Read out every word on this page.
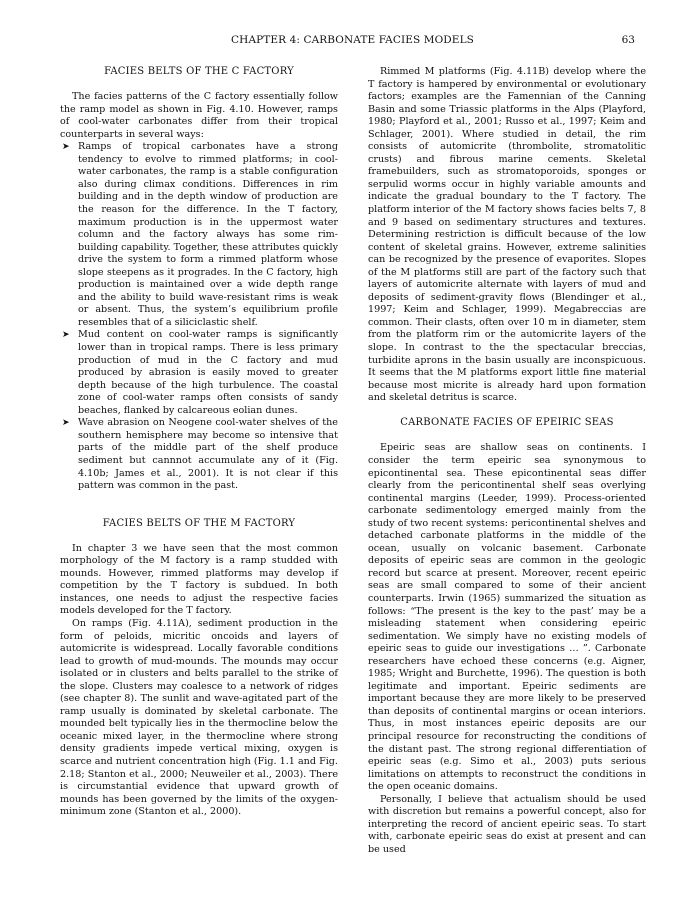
CHAPTER 4: CARBONATE FACIES MODELS	63
FACIES BELTS OF THE C FACTORY

The facies patterns of the C factory essentially follow the ramp model as shown in Fig. 4.10. However, ramps of cool-water carbonates differ from their tropical counterparts in several ways:

➤ Ramps of tropical carbonates have a strong tendency to evolve to rimmed platforms; in cool-water carbonates, the ramp is a stable configuration also during climax conditions. Differences in rim building and in the depth window of production are the reason for the difference. In the T factory, maximum production is in the uppermost water column and the factory always has some rim-building capability. Together, these attributes quickly drive the system to form a rimmed platform whose slope steepens as it progrades. In the C factory, high production is maintained over a wide depth range and the ability to build wave-resistant rims is weak or absent. Thus, the system’s equilibrium profile resembles that of a siliciclastic shelf.
➤ Mud content on cool-water ramps is significantly lower than in tropical ramps. There is less primary production of mud in the C factory and mud produced by abrasion is easily moved to greater depth because of the high turbulence. The coastal zone of cool-water ramps often consists of sandy beaches, flanked by calcareous eolian dunes.
➤ Wave abrasion on Neogene cool-water shelves of the southern hemisphere may become so intensive that parts of the middle part of the shelf produce sediment but cannnot accumulate any of it (Fig. 4.10b; James et al., 2001). It is not clear if this pattern was common in the past.
FACIES BELTS OF THE M FACTORY

In chapter 3 we have seen that the most common morphology of the M factory is a ramp studded with mounds. However, rimmed platforms may develop if competition by the T factory is subdued. In both instances, one needs to adjust the respective facies models developed for the T factory.

On ramps (Fig. 4.11A), sediment production in the form of peloids, micritic oncoids and layers of automicrite is widespread. Locally favorable conditions lead to growth of mud-mounds. The mounds may occur isolated or in clusters and belts parallel to the strike of the slope. Clusters may coalesce to a network of ridges (see chapter 8). The sunlit and wave-agitated part of the ramp usually is dominated by skeletal carbonate. The mounded belt typically lies in the thermocline below the oceanic mixed layer, in the thermocline where strong density gradients impede vertical mixing, oxygen is scarce and nutrient concentration high (Fig. 1.1 and Fig. 2.18; Stanton et al., 2000; Neuweiler et al., 2003). There is circumstantial evidence that upward growth of mounds has been governed by the limits of the oxygen-minimum zone (Stanton et al., 2000).

Rimmed M platforms (Fig. 4.11B) develop where the T factory is hampered by environmental or evolutionary factors; examples are the Famennian of the Canning Basin and some Triassic platforms in the Alps (Playford, 1980; Playford et al., 2001; Russo et al., 1997; Keim and Schlager, 2001). Where studied in detail, the rim consists of automicrite (thrombolite, stromatolitic crusts) and fibrous marine cements. Skeletal framebuilders, such as stromatoporoids, sponges or serpulid worms occur in highly variable amounts and indicate the gradual boundary to the T factory. The platform interior of the M factory shows facies belts 7, 8 and 9 based on sedimentary structures and textures. Determining restriction is difficult because of the low content of skeletal grains. However, extreme salinities can be recognized by the presence of evaporites. Slopes of the M platforms still are part of the factory such that layers of automicrite alternate with layers of mud and deposits of sediment-gravity flows (Blendinger et al., 1997; Keim and Schlager, 1999). Megabreccias are common. Their clasts, often over 10 m in diameter, stem from the platform rim or the automicrite layers of the slope. In contrast to the the spectacular breccias, turbidite aprons in the basin usually are inconspicuous. It seems that the M platforms export little fine material because most micrite is already hard upon formation and skeletal detritus is scarce.

CARBONATE FACIES OF EPEIRIC SEAS

Epeiric seas are shallow seas on continents. I consider the term epeiric sea synonymous to epicontinental sea. These epicontinental seas differ clearly from the pericontinental shelf seas overlying continental margins (Leeder, 1999). Process-oriented carbonate sedimentology emerged mainly from the study of two recent systems: pericontinental shelves and detached carbonate platforms in the middle of the ocean, usually on volcanic basement. Carbonate deposits of epeiric seas are common in the geologic record but scarce at present. Moreover, recent epeiric seas are small compared to some of their ancient counterparts. Irwin (1965) summarized the situation as follows: “The present is the key to the past’ may be a misleading statement when considering epeiric sedimentation. We simply have no existing models of epeiric seas to guide our investigations … ”. Carbonate researchers have echoed these concerns (e.g. Aigner, 1985; Wright and Burchette, 1996). The question is both legitimate and important. Epeiric sediments are important because they are more likely to be preserved than deposits of continental margins or ocean interiors. Thus, in most instances epeiric deposits are our principal resource for reconstructing the conditions of the distant past. The strong regional differentiation of epeiric seas (e.g. Simo et al., 2003) puts serious limitations on attempts to reconstruct the conditions in the open oceanic domains.

Personally, I believe that actualism should be used with discretion but remains a powerful concept, also for interpreting the record of ancient epeiric seas. To start with, carbonate epeiric seas do exist at present and can be used
